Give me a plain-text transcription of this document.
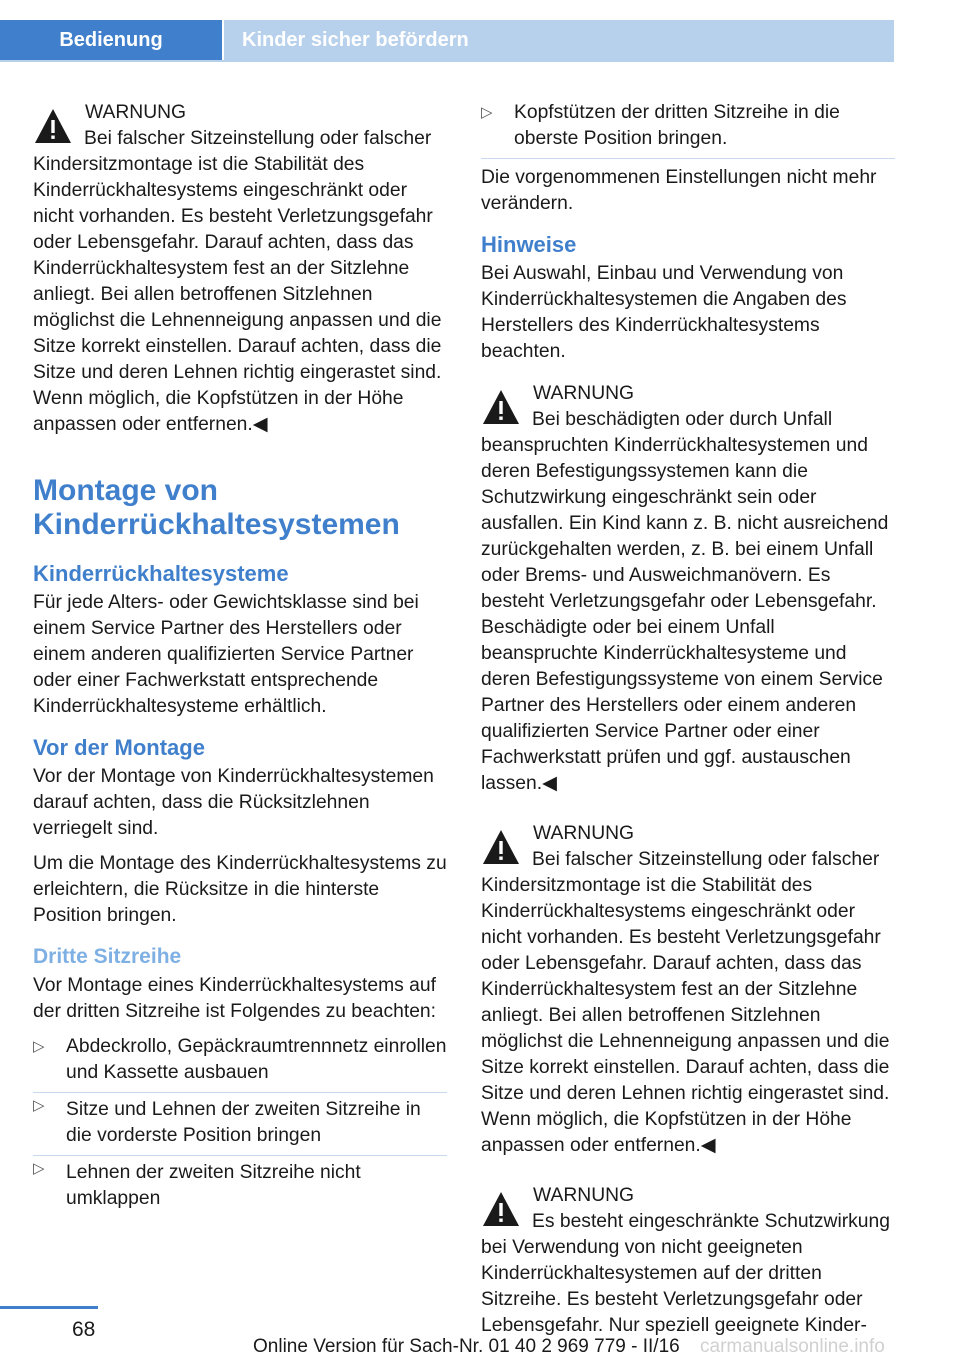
Bedienung	Kinder sicher befördern
WARNUNG
Bei falscher Sitzeinstellung oder falscher Kindersitzmontage ist die Stabilität des Kinderrückhaltesystems eingeschränkt oder nicht vorhanden. Es besteht Verletzungsgefahr oder Lebensgefahr. Darauf achten, dass das Kinderrückhaltesystem fest an der Sitzlehne anliegt. Bei allen betroffenen Sitzlehnen möglichst die Lehnenneigung anpassen und die Sitze korrekt einstellen. Darauf achten, dass die Sitze und deren Lehnen richtig eingerastet sind. Wenn möglich, die Kopfstützen in der Höhe anpassen oder entfernen.◀
Montage von Kinderrückhaltesystemen
Kinderrückhaltesysteme

Für jede Alters- oder Gewichtsklasse sind bei einem Service Partner des Herstellers oder einem anderen qualifizierten Service Partner oder einer Fachwerkstatt entsprechende Kinderrückhaltesysteme erhältlich.

Vor der Montage

Vor der Montage von Kinderrückhaltesystemen darauf achten, dass die Rücksitzlehnen verriegelt sind.

Um die Montage des Kinderrückhaltesystems zu erleichtern, die Rücksitze in die hinterste Position bringen.

Dritte Sitzreihe

Vor Montage eines Kinderrückhaltesystems auf der dritten Sitzreihe ist Folgendes zu beachten:

▷ Abdeckrollo, Gepäckraumtrennnetz einrollen und Kassette ausbauen
▷ Sitze und Lehnen der zweiten Sitzreihe in die vorderste Position bringen
▷ Lehnen der zweiten Sitzreihe nicht umklappen
▷ Kopfstützen der dritten Sitzreihe in die oberste Position bringen.

Die vorgenommenen Einstellungen nicht mehr verändern.

Hinweise

Bei Auswahl, Einbau und Verwendung von Kinderrückhaltesystemen die Angaben des Herstellers des Kinderrückhaltesystems beachten.

WARNUNG
Bei beschädigten oder durch Unfall beanspruchten Kinderrückhaltesystemen und deren Befestigungssystemen kann die Schutzwirkung eingeschränkt sein oder ausfallen. Ein Kind kann z. B. nicht ausreichend zurückgehalten werden, z. B. bei einem Unfall oder Brems- und Ausweichmanövern. Es besteht Verletzungsgefahr oder Lebensgefahr. Beschädigte oder bei einem Unfall beanspruchte Kinderrückhaltesysteme und deren Befestigungssysteme von einem Service Partner des Herstellers oder einem anderen qualifizierten Service Partner oder einer Fachwerkstatt prüfen und ggf. austauschen lassen.◀
WARNUNG
Bei falscher Sitzeinstellung oder falscher Kindersitzmontage ist die Stabilität des Kinderrückhaltesystems eingeschränkt oder nicht vorhanden. Es besteht Verletzungsgefahr oder Lebensgefahr. Darauf achten, dass das Kinderrückhaltesystem fest an der Sitzlehne anliegt. Bei allen betroffenen Sitzlehnen möglichst die Lehnenneigung anpassen und die Sitze korrekt einstellen. Darauf achten, dass die Sitze und deren Lehnen richtig eingerastet sind. Wenn möglich, die Kopfstützen in der Höhe anpassen oder entfernen.◀
WARNUNG
Es besteht eingeschränkte Schutzwirkung bei Verwendung von nicht geeigneten Kinderrückhaltesystemen auf der dritten Sitzreihe. Es besteht Verletzungsgefahr oder Lebensgefahr. Nur speziell geeignete Kinder-
68
Online Version für Sach-Nr. 01 40 2 969 779 - II/16 carmanualsonline.info
